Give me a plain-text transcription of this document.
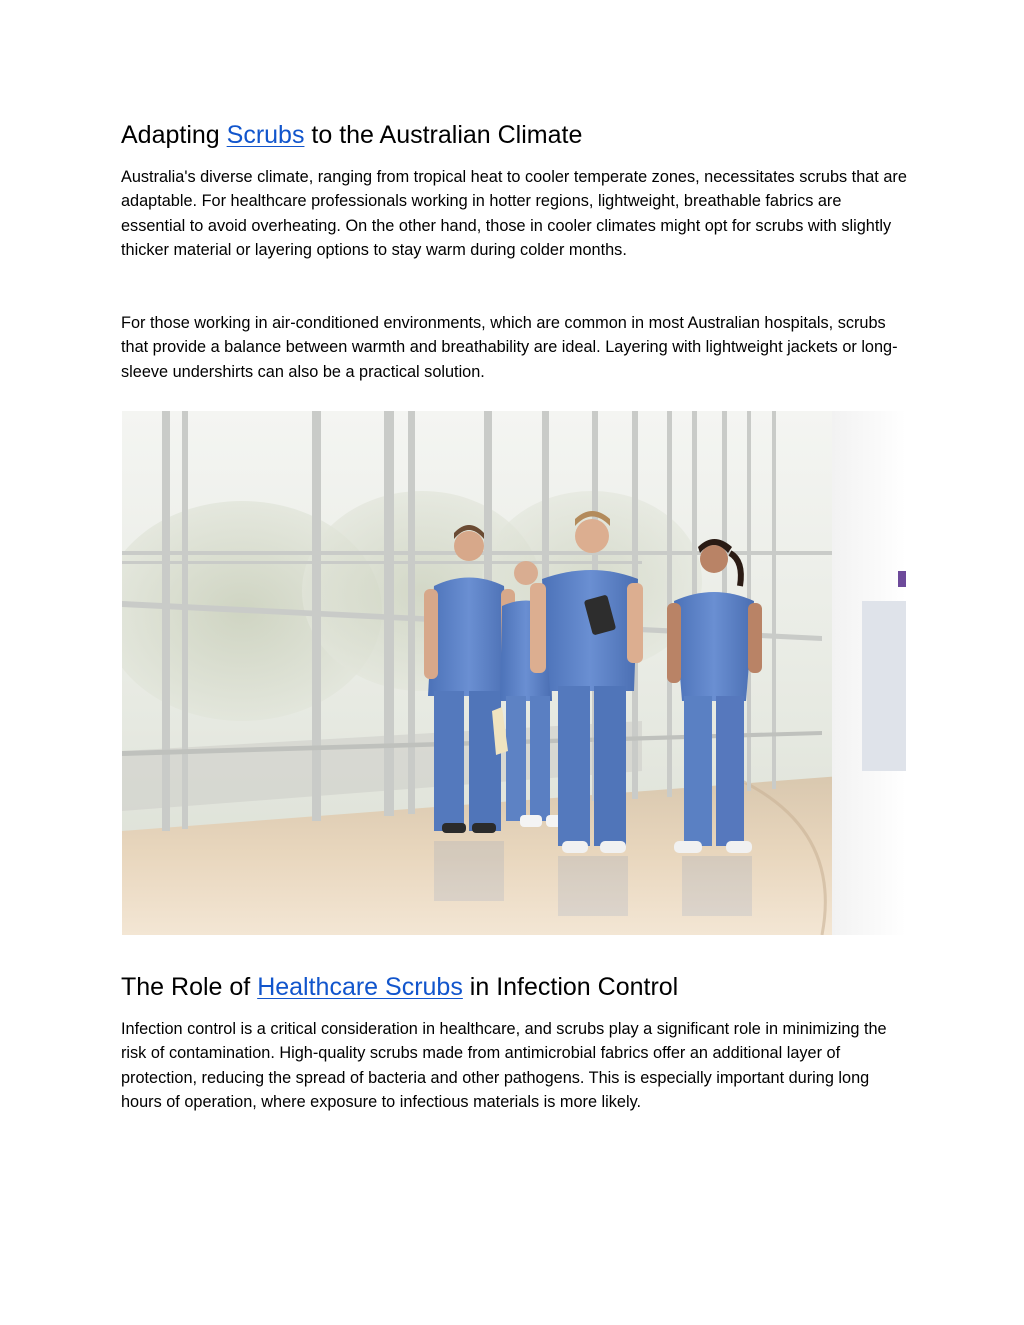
Adapting Scrubs to the Australian Climate

Australia's diverse climate, ranging from tropical heat to cooler temperate zones, necessitates scrubs that are adaptable. For healthcare professionals working in hotter regions, lightweight, breathable fabrics are essential to avoid overheating. On the other hand, those in cooler climates might opt for scrubs with slightly thicker material or layering options to stay warm during colder months.

For those working in air-conditioned environments, which are common in most Australian hospitals, scrubs that provide a balance between warmth and breathability are ideal. Layering with lightweight jackets or long-sleeve undershirts can also be a practical solution.

The Role of Healthcare Scrubs in Infection Control

Infection control is a critical consideration in healthcare, and scrubs play a significant role in minimizing the risk of contamination. High-quality scrubs made from antimicrobial fabrics offer an additional layer of protection, reducing the spread of bacteria and other pathogens. This is especially important during long hours of operation, where exposure to infectious materials is more likely.
